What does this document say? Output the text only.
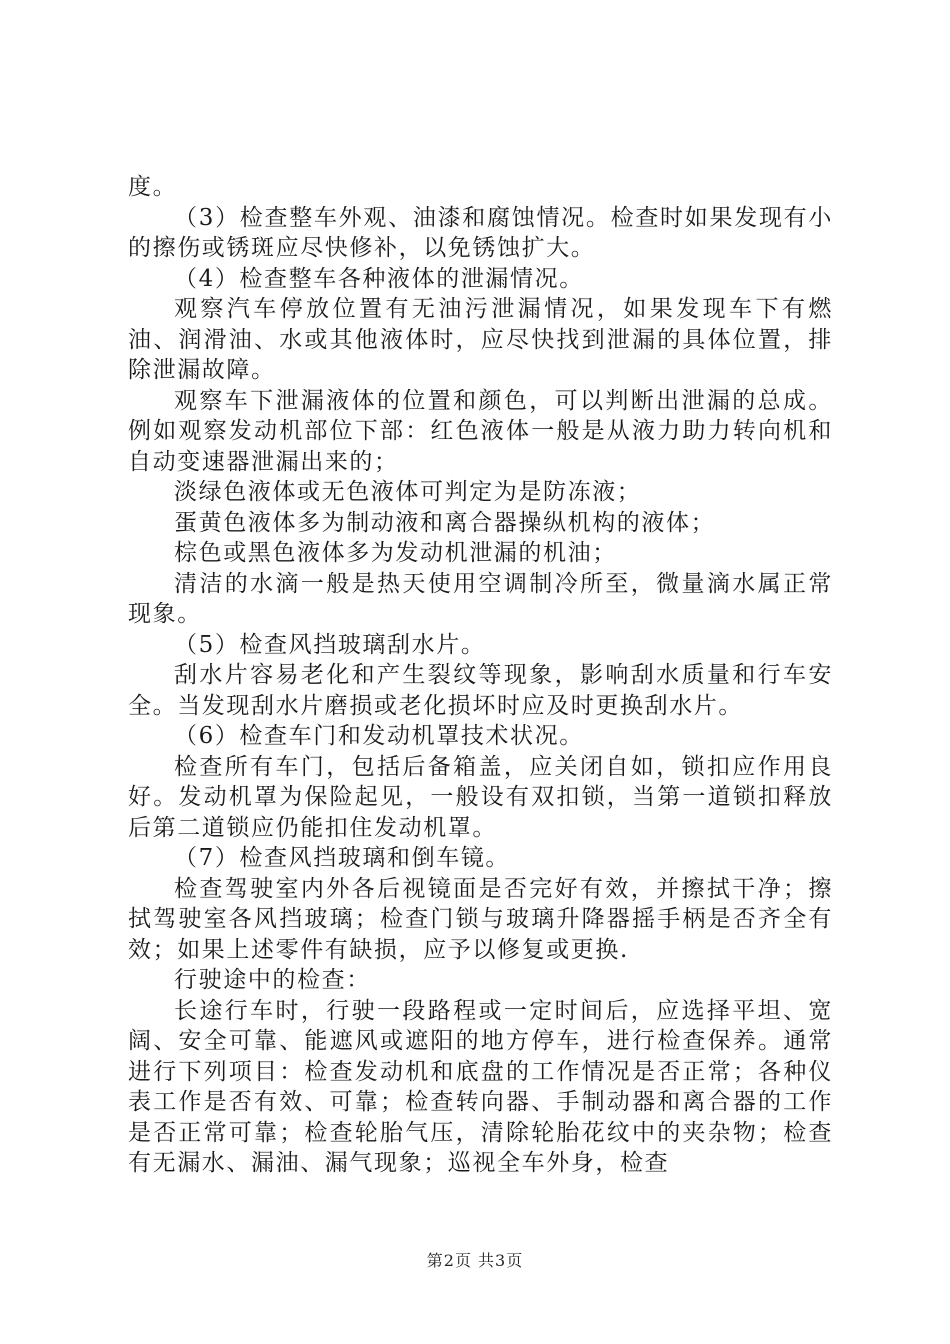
度。

（3）检查整车外观、油漆和腐蚀情况。检查时如果发现有小的擦伤或锈斑应尽快修补，以免锈蚀扩大。

（4）检查整车各种液体的泄漏情况。

观察汽车停放位置有无油污泄漏情况，如果发现车下有燃油、润滑油、水或其他液体时，应尽快找到泄漏的具体位置，排除泄漏故障。

观察车下泄漏液体的位置和颜色，可以判断出泄漏的总成。例如观察发动机部位下部：红色液体一般是从液力助力转向机和自动变速器泄漏出来的；

淡绿色液体或无色液体可判定为是防冻液；

蛋黄色液体多为制动液和离合器操纵机构的液体；

棕色或黑色液体多为发动机泄漏的机油；

清洁的水滴一般是热天使用空调制冷所至，微量滴水属正常现象。

（5）检查风挡玻璃刮水片。

刮水片容易老化和产生裂纹等现象，影响刮水质量和行车安全。当发现刮水片磨损或老化损坏时应及时更换刮水片。

（6）检查车门和发动机罩技术状况。

检查所有车门，包括后备箱盖，应关闭自如，锁扣应作用良好。发动机罩为保险起见，一般设有双扣锁，当第一道锁扣释放后第二道锁应仍能扣住发动机罩。

（7）检查风挡玻璃和倒车镜。

检查驾驶室内外各后视镜面是否完好有效，并擦拭干净；擦拭驾驶室各风挡玻璃；检查门锁与玻璃升降器摇手柄是否齐全有效；如果上述零件有缺损，应予以修复或更换.

行驶途中的检查：

长途行车时，行驶一段路程或一定时间后，应选择平坦、宽阔、安全可靠、能遮风或遮阳的地方停车，进行检查保养。通常进行下列项目：检查发动机和底盘的工作情况是否正常；各种仪表工作是否有效、可靠；检查转向器、手制动器和离合器的工作是否正常可靠；检查轮胎气压，清除轮胎花纹中的夹杂物；检查有无漏水、漏油、漏气现象；巡视全车外身，检查

第2页 共3页
